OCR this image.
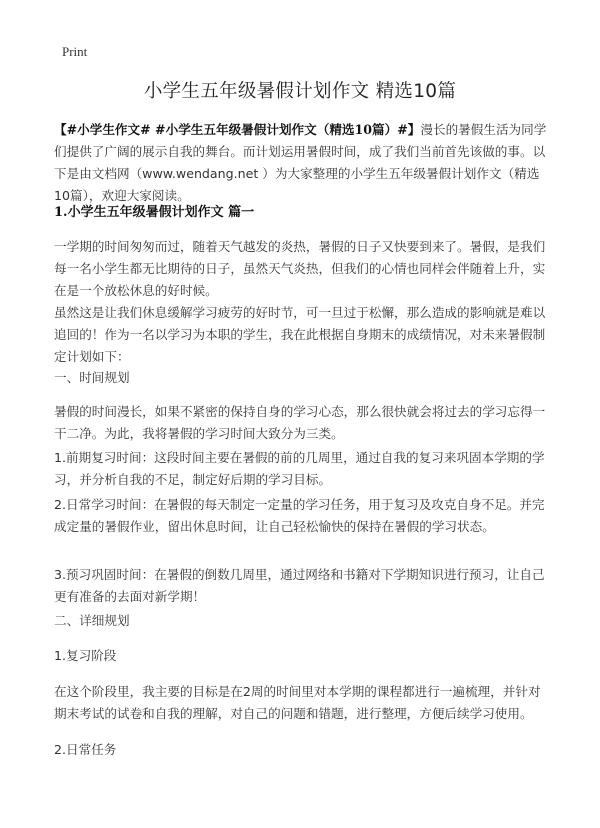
Print
小学生五年级暑假计划作文 精选10篇
【#小学生作文# #小学生五年级暑假计划作文（精选10篇）#】漫长的暑假生活为同学们提供了广阔的展示自我的舞台。而计划运用暑假时间，成了我们当前首先该做的事。以下是由文档网（www.wendang.net ）为大家整理的小学生五年级暑假计划作文（精选10篇），欢迎大家阅读。
1.小学生五年级暑假计划作文 篇一
一学期的时间匆匆而过，随着天气越发的炎热，暑假的日子又快要到来了。暑假，是我们每一名小学生都无比期待的日子，虽然天气炎热，但我们的心情也同样会伴随着上升，实在是一个放松休息的好时候。
虽然这是让我们休息缓解学习疲劳的好时节，可一旦过于松懈，那么造成的影响就是难以追回的！作为一名以学习为本职的学生，我在此根据自身期末的成绩情况，对未来暑假制定计划如下：
一、时间规划
暑假的时间漫长，如果不紧密的保持自身的学习心态，那么很快就会将过去的学习忘得一干二净。为此，我将暑假的学习时间大致分为三类。
1.前期复习时间：这段时间主要在暑假的前的几周里，通过自我的复习来巩固本学期的学习，并分析自我的不足，制定好后期的学习目标。
2.日常学习时间：在暑假的每天制定一定量的学习任务，用于复习及攻克自身不足。并完成定量的暑假作业，留出休息时间，让自己轻松愉快的保持在暑假的学习状态。
3.预习巩固时间：在暑假的倒数几周里，通过网络和书籍对下学期知识进行预习，让自己更有准备的去面对新学期！
二、详细规划
1.复习阶段
在这个阶段里，我主要的目标是在2周的时间里对本学期的课程都进行一遍梳理，并针对期末考试的试卷和自我的理解，对自己的问题和错题，进行整理，方便后续学习使用。
2.日常任务
